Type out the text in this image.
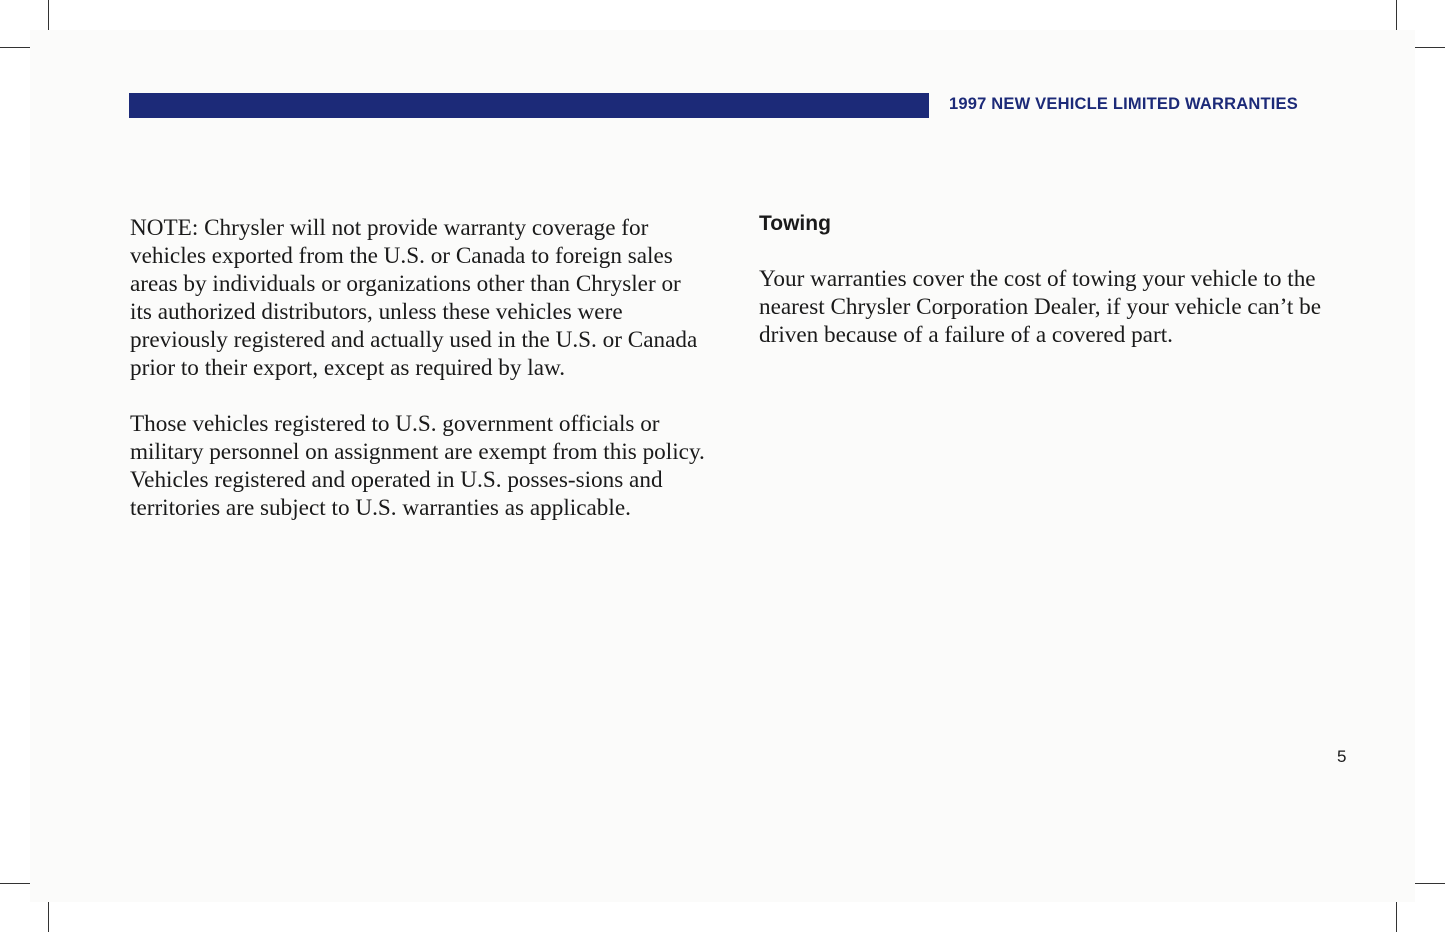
1997 NEW VEHICLE LIMITED WARRANTIES

NOTE: Chrysler will not provide warranty coverage for vehicles exported from the U.S. or Canada to foreign sales areas by individuals or organizations other than Chrysler or its authorized distributors, unless these vehicles were previously registered and actually used in the U.S. or Canada prior to their export, except as required by law.

Those vehicles registered to U.S. government officials or military personnel on assignment are exempt from this policy. Vehicles registered and operated in U.S. posses-sions and territories are subject to U.S. warranties as applicable.

Towing

Your warranties cover the cost of towing your vehicle to the nearest Chrysler Corporation Dealer, if your vehicle can’t be driven because of a failure of a covered part.

5
